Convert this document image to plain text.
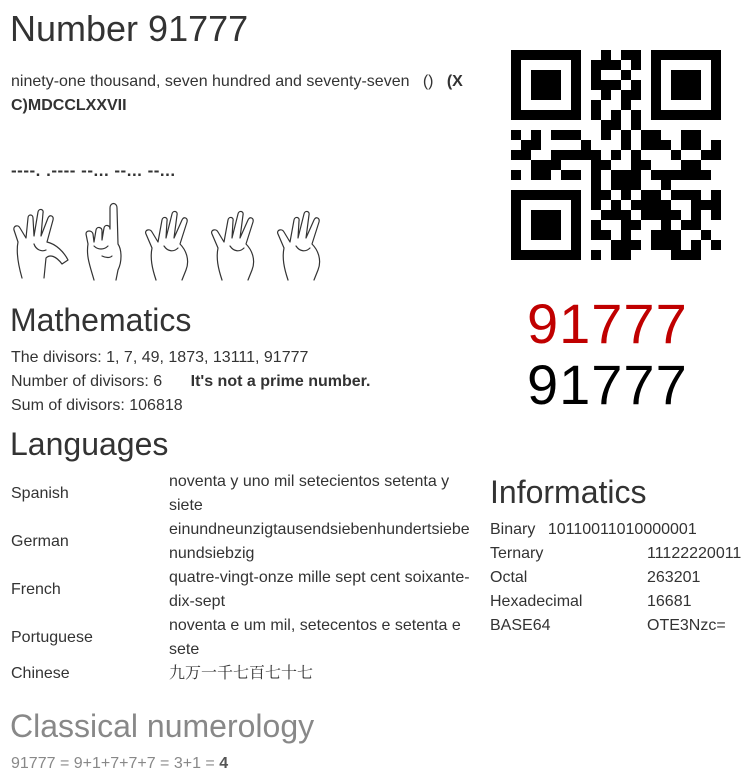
Number 91777
ninety-one thousand, seven hundred and seventy-seven () (X C)MDCCLXXVII
----. .---- --... --... --...
91777
91777
Mathematics
The divisors: 1, 7, 49, 1873, 13111, 91777
Number of divisors: 6 It's not a prime number.
Sum of divisors: 106818
Languages
Spanish	noventa y uno mil setecientos setenta y siete
German	einundneunzigtausendsiebenhundertsiebe nundsiebzig
French	quatre-vingt-onze mille sept cent soixante-dix-sept
Portuguese	noventa e um mil, setecentos e setenta e sete
Chinese	九万一千七百七十七
Informatics
Binary 10110011010000001
Ternary	11122220011
Octal	263201
Hexadecimal	16681
BASE64	OTE3Nzc=
Classical numerology
91777 = 9+1+7+7+7 = 3+1 = 4
